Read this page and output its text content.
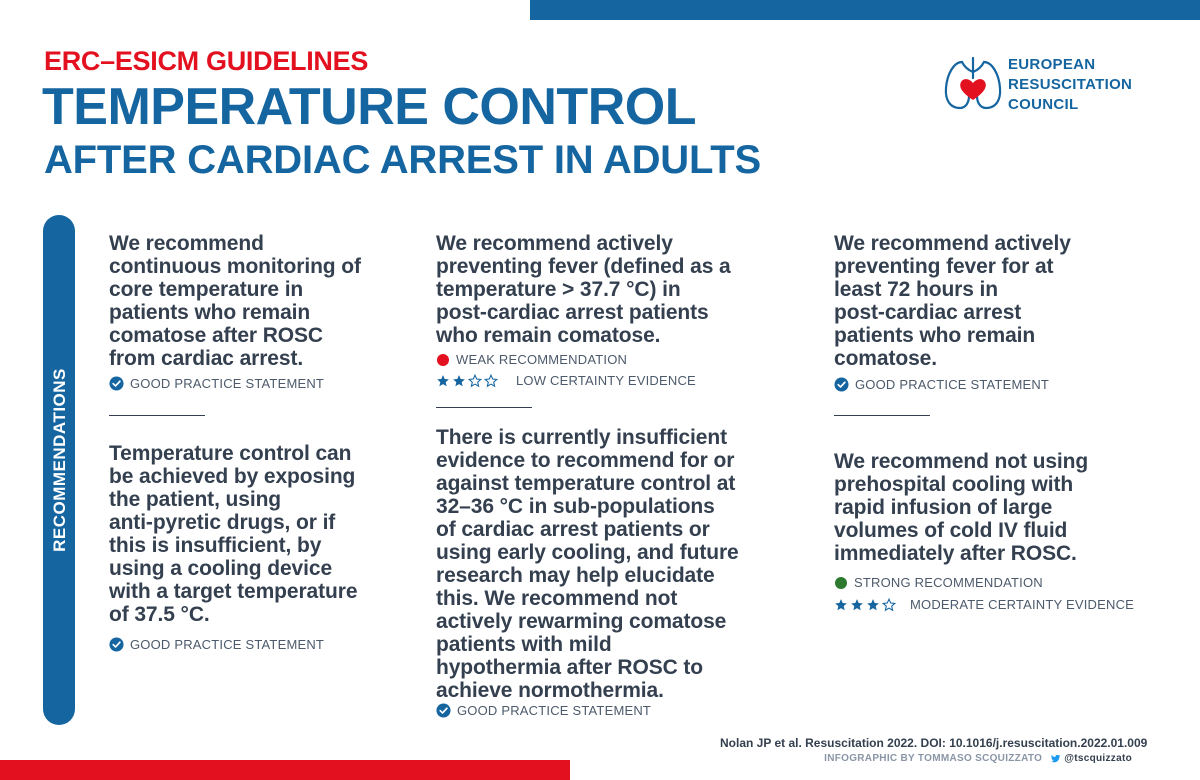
ERC–ESICM GUIDELINES
TEMPERATURE CONTROL
AFTER CARDIAC ARREST IN ADULTS
EUROPEAN
RESUSCITATION
COUNCIL
RECOMMENDATIONS
We recommend
continuous monitoring of
core temperature in
patients who remain
comatose after ROSC
from cardiac arrest.
GOOD PRACTICE STATEMENT
Temperature control can
be achieved by exposing
the patient, using
anti-pyretic drugs, or if
this is insufficient, by
using a cooling device
with a target temperature
of 37.5 °C.
GOOD PRACTICE STATEMENT
We recommend actively
preventing fever (defined as a
temperature > 37.7 °C) in
post-cardiac arrest patients
who remain comatose.
WEAK RECOMMENDATION
LOW CERTAINTY EVIDENCE
There is currently insufficient
evidence to recommend for or
against temperature control at
32–36 °C in sub-populations
of cardiac arrest patients or
using early cooling, and future
research may help elucidate
this. We recommend not
actively rewarming comatose
patients with mild
hypothermia after ROSC to
achieve normothermia.
GOOD PRACTICE STATEMENT
We recommend actively
preventing fever for at
least 72 hours in
post-cardiac arrest
patients who remain
comatose.
GOOD PRACTICE STATEMENT
We recommend not using
prehospital cooling with
rapid infusion of large
volumes of cold IV fluid
immediately after ROSC.
STRONG RECOMMENDATION
MODERATE CERTAINTY EVIDENCE
Nolan JP et al. Resuscitation 2022. DOI: 10.1016/j.resuscitation.2022.01.009
INFOGRAPHIC BY TOMMASO SCQUIZZATO @tscquizzato
